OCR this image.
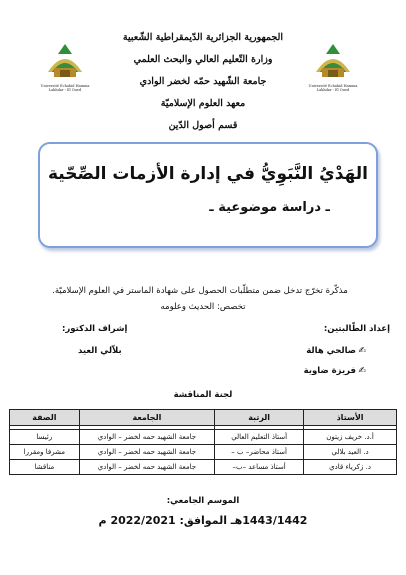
الجمهورية الجزائرية الدّيمقراطية الشّعبية
وزارة التّعليم العالي والبحث العلمي
جامعة الشّهيد حمّه لخضر الوادي
معهد العلوم الإسلاميّة
قسم أصول الدّين
Université Echahid Hamma Lakhdar - El Oued
Université Echahid Hamma Lakhdar - El Oued
الهَدْيُ النَّبَوِيُّ في إدارة الأزمات الصِّحّية
ـ دراسة موضوعية ـ
مذكّرة تخرّج تدخل ضمن متطلّبات الحصول على شهادة الماستر في العلوم الإسلاميّة.
تخصص: الحديث وعلومه
إعداد الطّالبتين:
إشراف الدكتور:
✍صالحي هالة
بلاّلي العيد
✍فريزة ضاوية
لجنة المناقشة
الأستاذ	الرتبة	الجامعة	الصفة

أ.د. خريف زيتون	أستاذ التعليم العالي	جامعة الشهيد حمه لخضر – الوادي	رئيسا
د. العيد بلالي	أستاذ محاضر– ب –	جامعة الشهيد حمه لخضر – الوادي	مشرفا ومقررا
د. زكرياء قادي	أستاذ مساعد –ب–	جامعة الشهيد حمه لخضر – الوادي	مناقشا
الموسم الجامعي:
1443/1442هـ الموافق: 2022/2021 م
